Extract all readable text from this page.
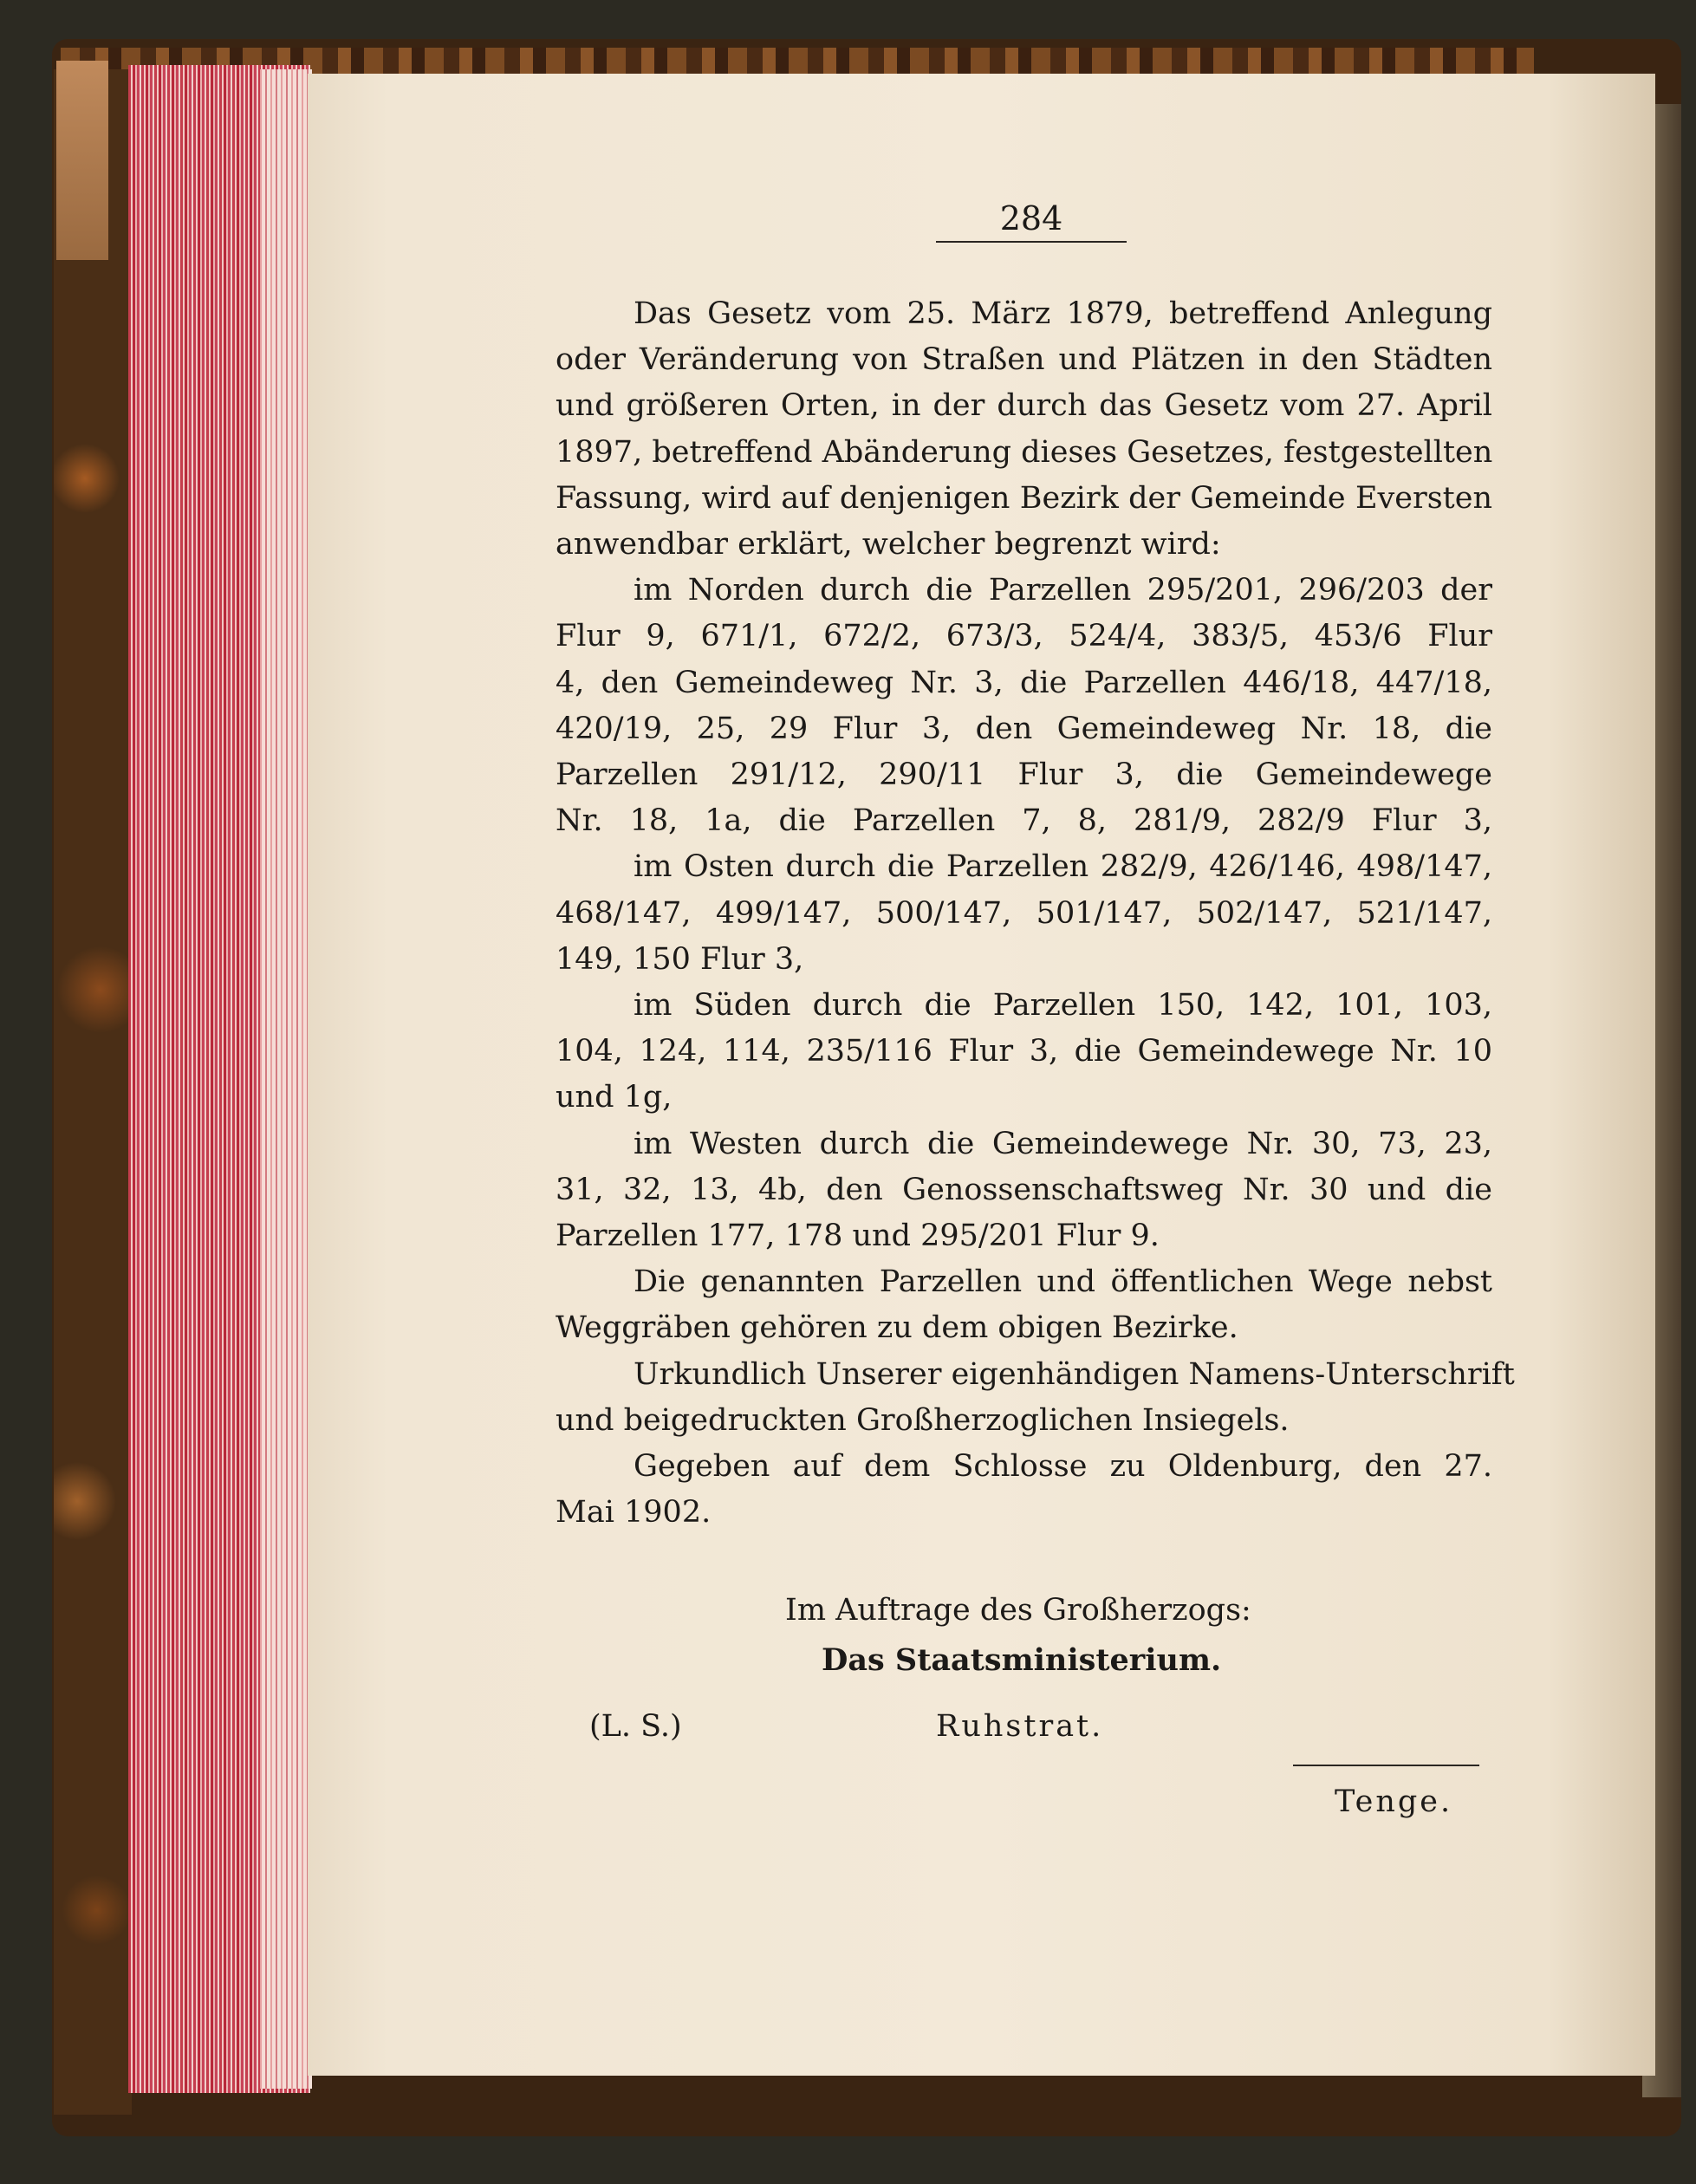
284
Das Gesetz vom 25. März 1879, betreffend Anlegung
oder Veränderung von Straßen und Plätzen in den Städten
und größeren Orten, in der durch das Gesetz vom 27. April
1897, betreffend Abänderung dieses Gesetzes, festgestellten
Fassung, wird auf denjenigen Bezirk der Gemeinde Eversten
anwendbar erklärt, welcher begrenzt wird:
im Norden durch die Parzellen 295/201, 296/203 der
Flur 9, 671/1, 672/2, 673/3, 524/4, 383/5, 453/6 Flur
4, den Gemeindeweg Nr. 3, die Parzellen 446/18, 447/18,
420/19, 25, 29 Flur 3, den Gemeindeweg Nr. 18, die
Parzellen 291/12, 290/11 Flur 3, die Gemeindewege
Nr. 18, 1a, die Parzellen 7, 8, 281/9, 282/9 Flur 3,
im Osten durch die Parzellen 282/9, 426/146, 498/147,
468/147, 499/147, 500/147, 501/147, 502/147, 521/147,
149, 150 Flur 3,
im Süden durch die Parzellen 150, 142, 101, 103,
104, 124, 114, 235/116 Flur 3, die Gemeindewege Nr. 10
und 1g,
im Westen durch die Gemeindewege Nr. 30, 73, 23,
31, 32, 13, 4b, den Genossenschaftsweg Nr. 30 und die
Parzellen 177, 178 und 295/201 Flur 9.
Die genannten Parzellen und öffentlichen Wege nebst
Weggräben gehören zu dem obigen Bezirke.
Urkundlich Unserer eigenhändigen Namens-Unterschrift
und beigedruckten Großherzoglichen Insiegels.
Gegeben auf dem Schlosse zu Oldenburg, den 27.
Mai 1902.
Im Auftrage des Großherzogs:
Das Staatsministerium.
(L. S.)	Ruhstrat.
Tenge.
